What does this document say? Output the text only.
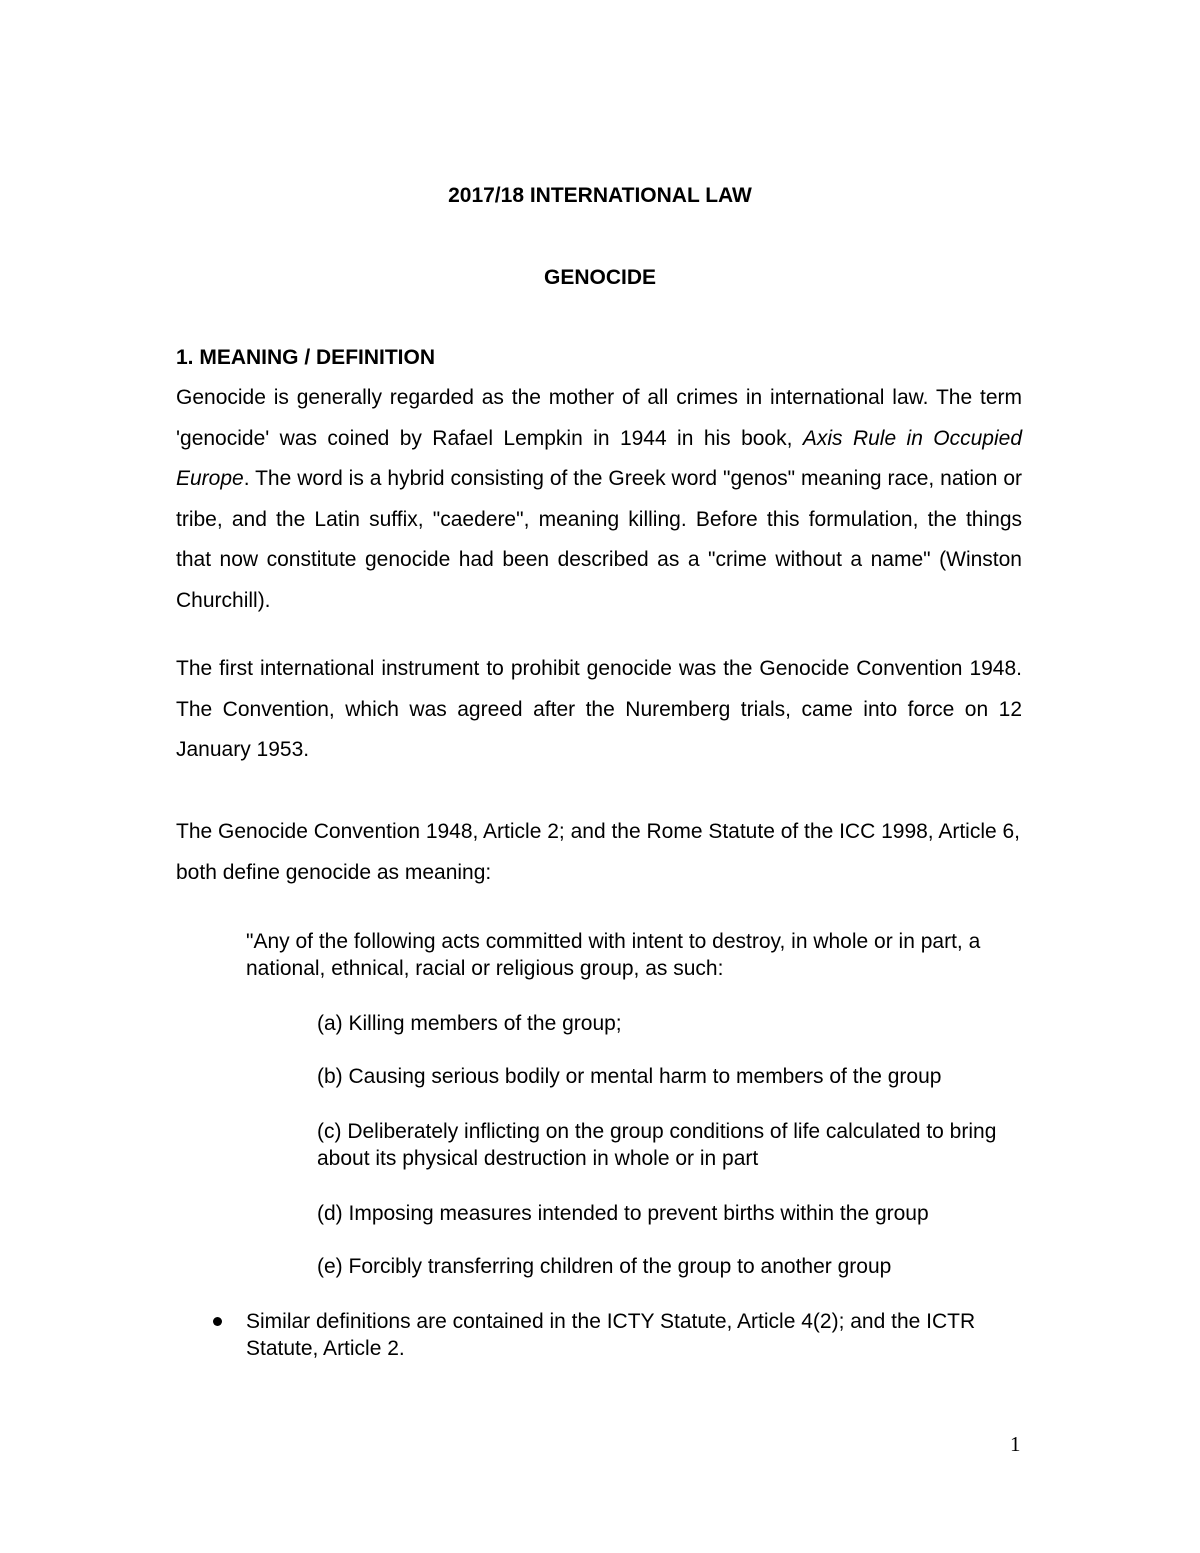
2017/18 INTERNATIONAL LAW
GENOCIDE
1. MEANING / DEFINITION

Genocide is generally regarded as the mother of all crimes in international law. The term 'genocide' was coined by Rafael Lempkin in 1944 in his book, Axis Rule in Occupied Europe. The word is a hybrid consisting of the Greek word "genos" meaning race, nation or tribe, and the Latin suffix, "caedere", meaning killing. Before this formulation, the things that now constitute genocide had been described as a "crime without a name" (Winston Churchill).

The first international instrument to prohibit genocide was the Genocide Convention 1948. The Convention, which was agreed after the Nuremberg trials, came into force on 12 January 1953.

The Genocide Convention 1948, Article 2; and the Rome Statute of the ICC 1998, Article 6, both define genocide as meaning:

"Any of the following acts committed with intent to destroy, in whole or in part, a national, ethnical, racial or religious group, as such:

(a) Killing members of the group;

(b) Causing serious bodily or mental harm to members of the group

(c) Deliberately inflicting on the group conditions of life calculated to bring about its physical destruction in whole or in part

(d) Imposing measures intended to prevent births within the group

(e) Forcibly transferring children of the group to another group

Similar definitions are contained in the ICTY Statute, Article 4(2); and the ICTR Statute, Article 2.

1
